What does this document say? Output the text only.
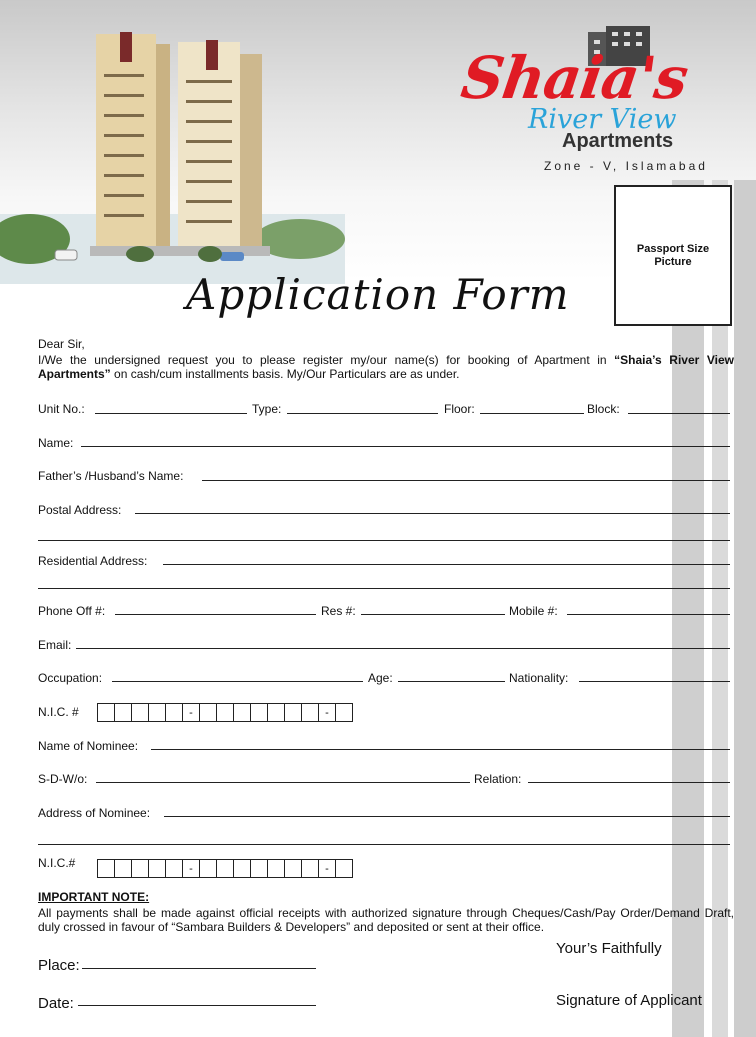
Shaia's
River View
Apartments
Zone - V, Islamabad
Passport Size
Picture
Application Form
Dear Sir,
I/We the undersigned request you to please register my/our name(s) for booking of Apartment in “Shaia’s River View Apartments” on cash/cum installments basis. My/Our Particulars are as under.
Unit No.:	Type:	Floor:	Block:
Name:
Father’s /Husband’s Name:
Postal Address:
Residential Address:
Phone Off #:	Res #:	Mobile #:
Email:
Occupation:	Age:	Nationality:
N.I.C. #	-	-
Name of Nominee:
S-D-W/o:	Relation:
Address of Nominee:
N.I.C.#	-	-
IMPORTANT NOTE:
All payments shall be made against official receipts with authorized signature through Cheques/Cash/Pay Order/Demand Draft, duly crossed in favour of “Sambara Builders & Developers” and deposited or sent at their office.
Your’s Faithfully
Place:
Signature of Applicant
Date:
